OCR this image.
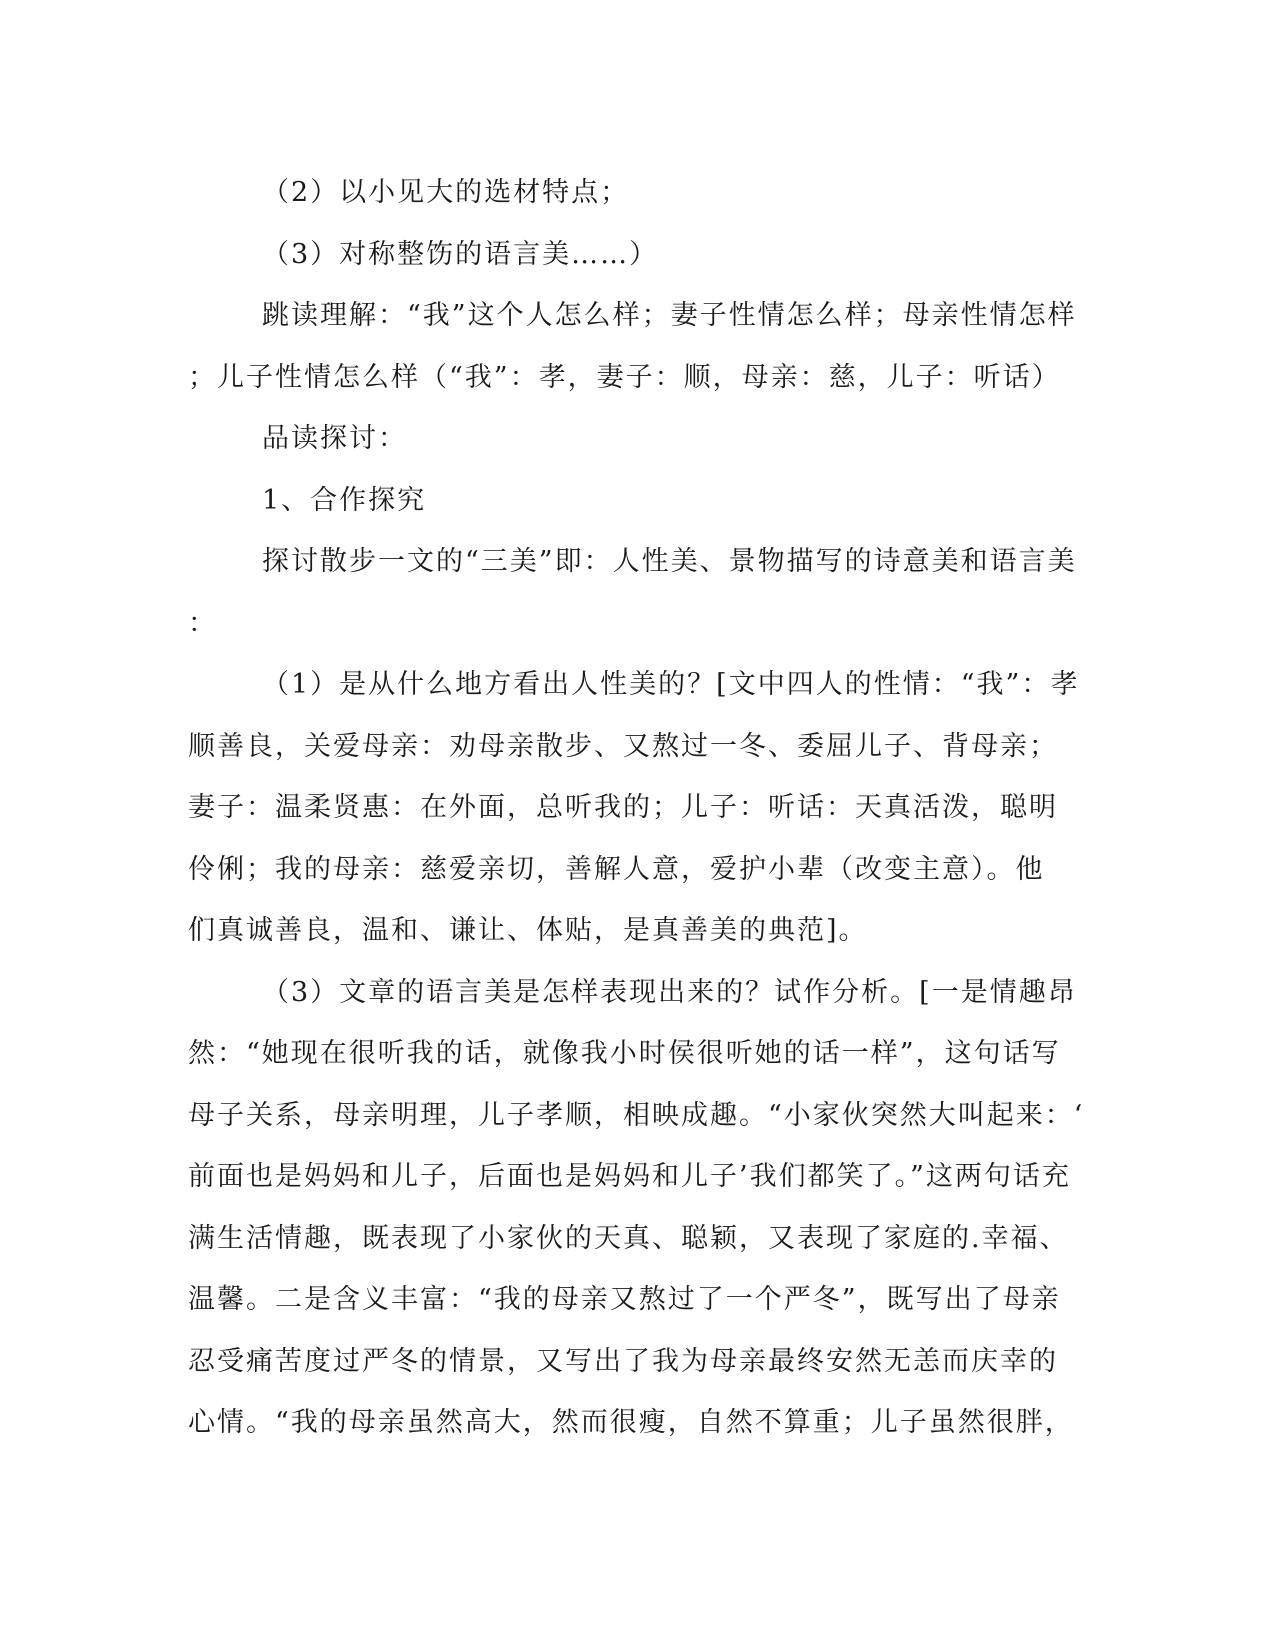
（2）以小见大的选材特点；
（3）对称整饬的语言美……）
跳读理解：“我”这个人怎么样；妻子性情怎么样；母亲性情怎样
；儿子性情怎么样（“我”：孝，妻子：顺，母亲：慈，儿子：听话）
品读探讨：
1、合作探究
探讨散步一文的“三美”即：人性美、景物描写的诗意美和语言美
：
（1）是从什么地方看出人性美的？[文中四人的性情：“我”：孝
顺善良，关爱母亲：劝母亲散步、又熬过一冬、委屈儿子、背母亲；
妻子：温柔贤惠：在外面，总听我的；儿子：听话：天真活泼，聪明
伶俐；我的母亲：慈爱亲切，善解人意，爱护小辈（改变主意）。他
们真诚善良，温和、谦让、体贴，是真善美的典范]。
（3）文章的语言美是怎样表现出来的？试作分析。[一是情趣昂
然：“她现在很听我的话，就像我小时侯很听她的话一样”，这句话写
母子关系，母亲明理，儿子孝顺，相映成趣。“小家伙突然大叫起来：‘
前面也是妈妈和儿子，后面也是妈妈和儿子’我们都笑了。”这两句话充
满生活情趣，既表现了小家伙的天真、聪颖，又表现了家庭的.幸福、
温馨。二是含义丰富：“我的母亲又熬过了一个严冬”，既写出了母亲
忍受痛苦度过严冬的情景，又写出了我为母亲最终安然无恙而庆幸的
心情。“我的母亲虽然高大，然而很瘦，自然不算重；儿子虽然很胖，
